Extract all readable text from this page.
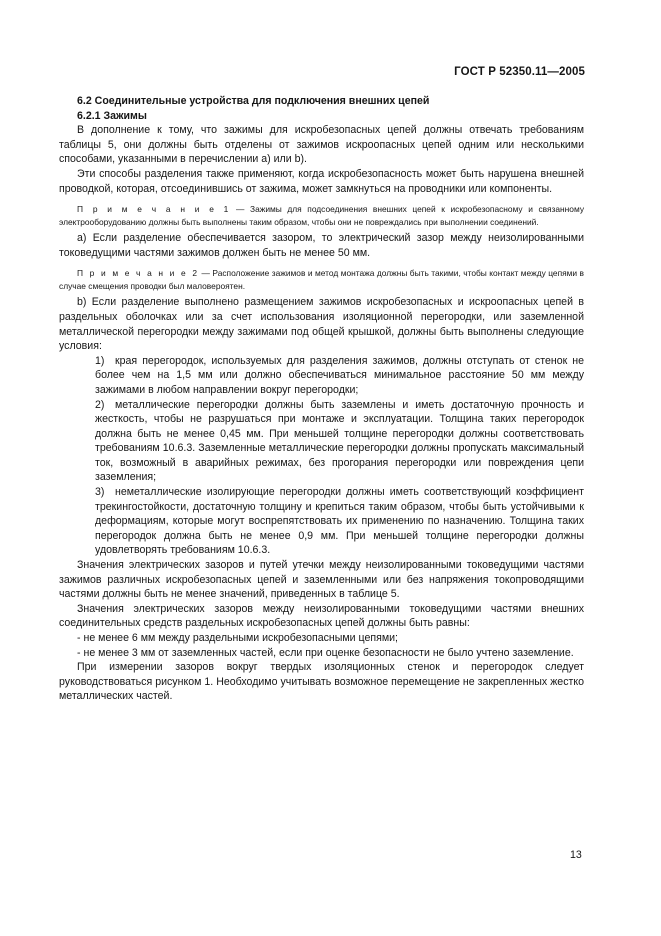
ГОСТ Р 52350.11—2005

6.2 Соединительные устройства для подключения внешних цепей

6.2.1 Зажимы

В дополнение к тому, что зажимы для искробезопасных цепей должны отвечать требованиям таблицы 5, они должны быть отделены от зажимов искроопасных цепей одним или несколькими способами, указанными в перечислении а) или b).

Эти способы разделения также применяют, когда искробезопасность может быть нарушена внешней проводкой, которая, отсоединившись от зажима, может замкнуться на проводники или компоненты.

П р и м е ч а н и е 1 — Зажимы для подсоединения внешних цепей к искробезопасному и связанному электрооборудованию должны быть выполнены таким образом, чтобы они не повреждались при выполнении соединений.

a) Если разделение обеспечивается зазором, то электрический зазор между неизолированными токоведущими частями зажимов должен быть не менее 50 мм.

П р и м е ч а н и е 2 — Расположение зажимов и метод монтажа должны быть такими, чтобы контакт между цепями в случае смещения проводки был маловероятен.

b) Если разделение выполнено размещением зажимов искробезопасных и искроопасных цепей в раздельных оболочках или за счет использования изоляционной перегородки, или заземленной металлической перегородки между зажимами под общей крышкой, должны быть выполнены следующие условия:

1) края перегородок, используемых для разделения зажимов, должны отступать от стенок не более чем на 1,5 мм или должно обеспечиваться минимальное расстояние 50 мм между зажимами в любом направлении вокруг перегородки;

2) металлические перегородки должны быть заземлены и иметь достаточную прочность и жесткость, чтобы не разрушаться при монтаже и эксплуатации. Толщина таких перегородок должна быть не менее 0,45 мм. При меньшей толщине перегородки должны соответствовать требованиям 10.6.3. Заземленные металлические перегородки должны пропускать максимальный ток, возможный в аварийных режимах, без прогорания перегородки или повреждения цепи заземления;

3) неметаллические изолирующие перегородки должны иметь соответствующий коэффициент трекингостойкости, достаточную толщину и крепиться таким образом, чтобы быть устойчивыми к деформациям, которые могут воспрепятствовать их применению по назначению. Толщина таких перегородок должна быть не менее 0,9 мм. При меньшей толщине перегородки должны удовлетворять требованиям 10.6.3.

Значения электрических зазоров и путей утечки между неизолированными токоведущими частями зажимов различных искробезопасных цепей и заземленными или без напряжения токопроводящими частями должны быть не менее значений, приведенных в таблице 5.

Значения электрических зазоров между неизолированными токоведущими частями внешних соединительных средств раздельных искробезопасных цепей должны быть равны:

- не менее 6 мм между раздельными искробезопасными цепями;

- не менее 3 мм от заземленных частей, если при оценке безопасности не было учтено заземление.

При измерении зазоров вокруг твердых изоляционных стенок и перегородок следует руководствоваться рисунком 1. Необходимо учитывать возможное перемещение не закрепленных жестко металлических частей.

13
